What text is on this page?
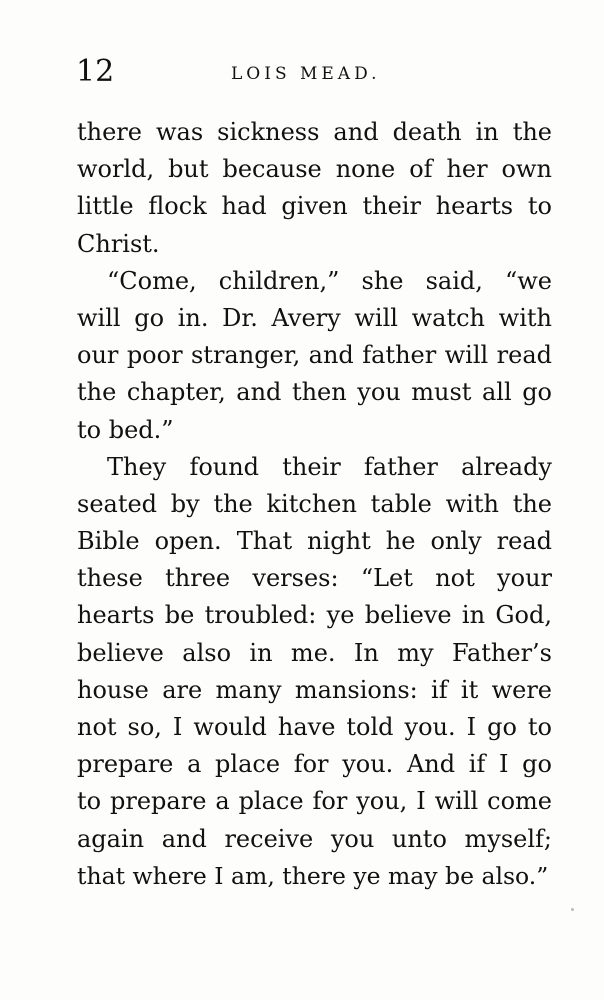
12	LOIS MEAD.
there was sickness and death in the
world, but because none of her own
little flock had given their hearts to
Christ.
“Come, children,” she said, “we
will go in. Dr. Avery will watch with
our poor stranger, and father will read
the chapter, and then you must all go
to bed.”
They found their father already
seated by the kitchen table with the
Bible open. That night he only read
these three verses: “Let not your
hearts be troubled: ye believe in God,
believe also in me. In my Father’s
house are many mansions: if it were
not so, I would have told you. I go to
prepare a place for you. And if I go
to prepare a place for you, I will come
again and receive you unto myself;
that where I am, there ye may be also.”
